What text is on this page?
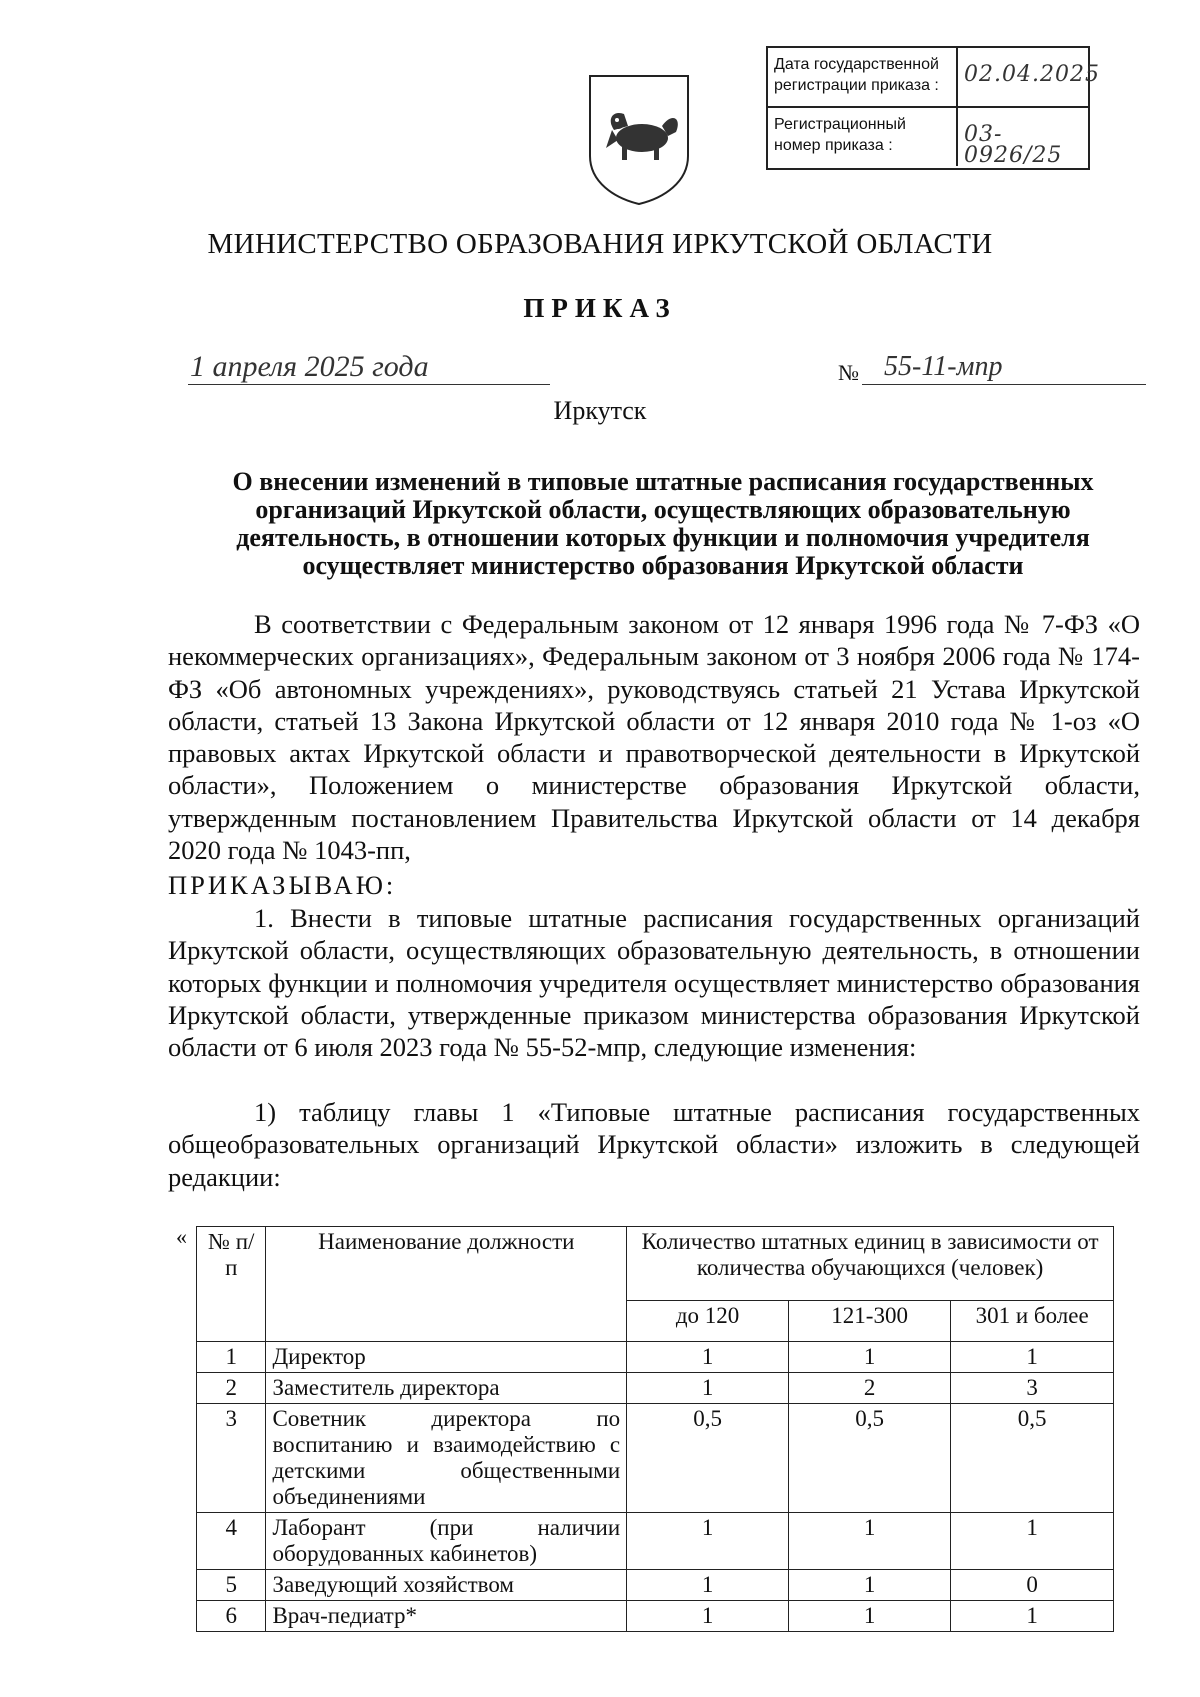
Дата государственной регистрации приказа :	02.04.2025
Регистрационный номер приказа :	03-0926/25
МИНИСТЕРСТВО ОБРАЗОВАНИЯ ИРКУТСКОЙ ОБЛАСТИ
ПРИКАЗ
1 апреля 2025 года	№ 55-11-мпр
Иркутск
О внесении изменений в типовые штатные расписания государственных организаций Иркутской области, осуществляющих образовательную деятельность, в отношении которых функции и полномочия учредителя осуществляет министерство образования Иркутской области
В соответствии с Федеральным законом от 12 января 1996 года № 7-ФЗ «О некоммерческих организациях», Федеральным законом от 3 ноября 2006 года № 174-ФЗ «Об автономных учреждениях», руководствуясь статьей 21 Устава Иркутской области, статьей 13 Закона Иркутской области от 12 января 2010 года № 1-оз «О правовых актах Иркутской области и правотворческой деятельности в Иркутской области», Положением о министерстве образования Иркутской области, утвержденным постановлением Правительства Иркутской области от 14 декабря 2020 года № 1043-пп,
ПРИКАЗЫВАЮ:
1. Внести в типовые штатные расписания государственных организаций Иркутской области, осуществляющих образовательную деятельность, в отношении которых функции и полномочия учредителя осуществляет министерство образования Иркутской области, утвержденные приказом министерства образования Иркутской области от 6 июля 2023 года № 55-52-мпр, следующие изменения:
1) таблицу главы 1 «Типовые штатные расписания государственных общеобразовательных организаций Иркутской области» изложить в следующей редакции:
« № п/п	Наименование должности	Количество штатных единиц в зависимости от количества обучающихся (человек)		
		до 120	121-300	301 и более
1	Директор	1	1	1
2	Заместитель директора	1	2	3
3	Советник директора по воспитанию и взаимодействию с детскими общественными объединениями	0,5	0,5	0,5
4	Лаборант (при наличии оборудованных кабинетов)	1	1	1
5	Заведующий хозяйством	1	1	0
6	Врач-педиатр*	1	1	1
